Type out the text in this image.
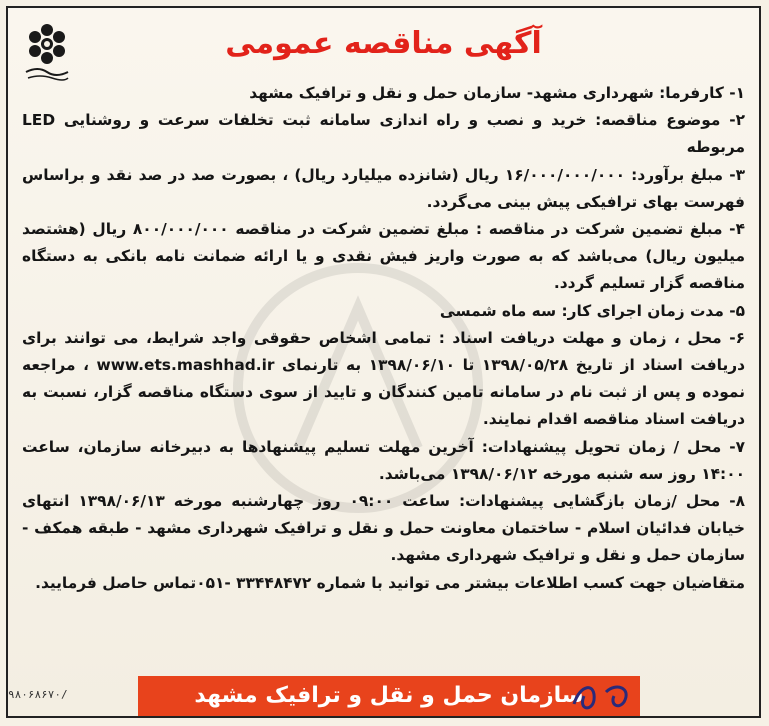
آگهی مناقصه عمومی

۱- کارفرما: شهرداری مشهد- سازمان حمل و نقل و ترافیک مشهد

۲- موضوع مناقصه: خرید و نصب و راه اندازی سامانه ثبت تخلفات سرعت و روشنایی LED مربوطه

۳- مبلغ برآورد: ۱۶/۰۰۰/۰۰۰/۰۰۰ ریال (شانزده میلیارد ریال) ، بصورت صد در صد نقد و براساس فهرست بهای ترافیکی پیش بینی می‌گردد.

۴- مبلغ تضمین شرکت در مناقصه : مبلغ تضمین شرکت در مناقصه ۸۰۰/۰۰۰/۰۰۰ ریال (هشتصد میلیون ریال) می‌باشد که به صورت واریز فیش نقدی و یا ارائه ضمانت نامه بانکی به دستگاه مناقصه گزار تسلیم گردد.

۵- مدت زمان اجرای کار: سه ماه شمسی

۶- محل ، زمان و مهلت دریافت اسناد : تمامی اشخاص حقوقی واجد شرایط، می توانند برای دریافت اسناد از تاریخ ۱۳۹۸/۰۵/۲۸ تا ۱۳۹۸/۰۶/۱۰ به تارنمای www.ets.mashhad.ir ، مراجعه نموده و پس از ثبت نام در سامانه تامین کنندگان و تایید از سوی دستگاه مناقصه گزار، نسبت به دریافت اسناد مناقصه اقدام نمایند.

۷- محل / زمان تحویل پیشنهادات: آخرین مهلت تسلیم پیشنهادها به دبیرخانه سازمان، ساعت ۱۴:۰۰ روز سه شنبه مورخه ۱۳۹۸/۰۶/۱۲ می‌باشد.

۸- محل /زمان بازگشایی پیشنهادات: ساعت ۰۹:۰۰ روز چهارشنبه مورخه ۱۳۹۸/۰۶/۱۳ انتهای خیابان فدائیان اسلام - ساختمان معاونت حمل و نقل و ترافیک شهرداری مشهد - طبقه همکف - سازمان حمل و نقل و ترافیک شهرداری مشهد.

متقاضیان جهت کسب اطلاعات بیشتر می توانید با شماره ۳۳۴۴۸۴۷۲ -۰۵۱تماس حاصل فرمایید.

۹۸۰۶۸۶۷۰/	سازمان حمل و نقل و ترافیک مشهد
